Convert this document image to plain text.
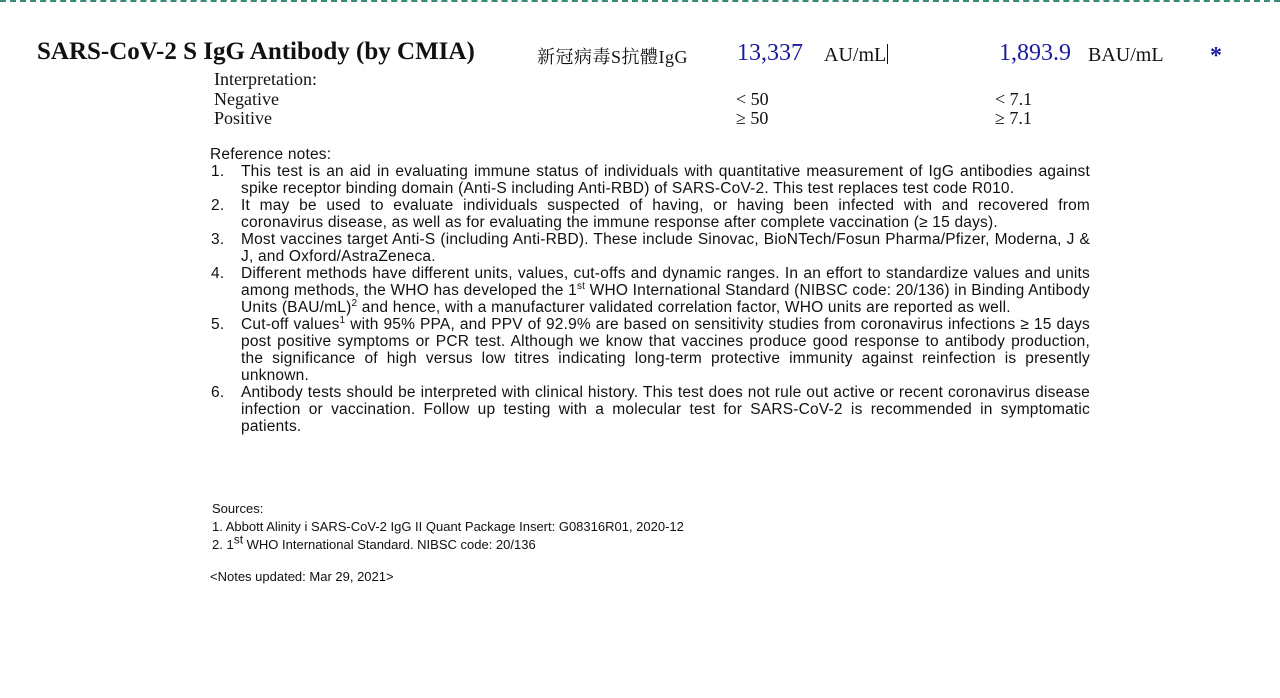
SARS-CoV-2 S IgG Antibody (by CMIA)	新冠病毒S抗體IgG 13,337 AU/mL	1,893.9 BAU/mL *
Interpretation:
Negative	< 50	< 7.1
Positive	≥ 50	≥ 7.1
Reference notes:
1. This test is an aid in evaluating immune status of individuals with quantitative measurement of IgG antibodies against spike receptor binding domain (Anti-S including Anti-RBD) of SARS-CoV-2. This test replaces test code R010.
2. It may be used to evaluate individuals suspected of having, or having been infected with and recovered from coronavirus disease, as well as for evaluating the immune response after complete vaccination (≥ 15 days).
3. Most vaccines target Anti-S (including Anti-RBD). These include Sinovac, BioNTech/Fosun Pharma/Pfizer, Moderna, J & J, and Oxford/AstraZeneca.
4. Different methods have different units, values, cut-offs and dynamic ranges. In an effort to standardize values and units among methods, the WHO has developed the 1st WHO International Standard (NIBSC code: 20/136) in Binding Antibody Units $(BAU/mL)^2$ and hence, with a manufacturer validated correlation factor, WHO units are reported as well.
5. Cut-off values$^1$ with 95% PPA, and PPV of 92.9% are based on sensitivity studies from coronavirus infections ≥ 15 days post positive symptoms or PCR test. Although we know that vaccines produce good response to antibody production, the significance of high versus low titres indicating long-term protective immunity against reinfection is presently unknown.
6. Antibody tests should be interpreted with clinical history. This test does not rule out active or recent coronavirus disease infection or vaccination. Follow up testing with a molecular test for SARS-CoV-2 is recommended in symptomatic patients.
Sources:
1. Abbott Alinity i SARS-CoV-2 IgG II Quant Package Insert: G08316R01, 2020-12
2. 1st WHO International Standard. NIBSC code: 20/136
<Notes updated: Mar 29, 2021>
